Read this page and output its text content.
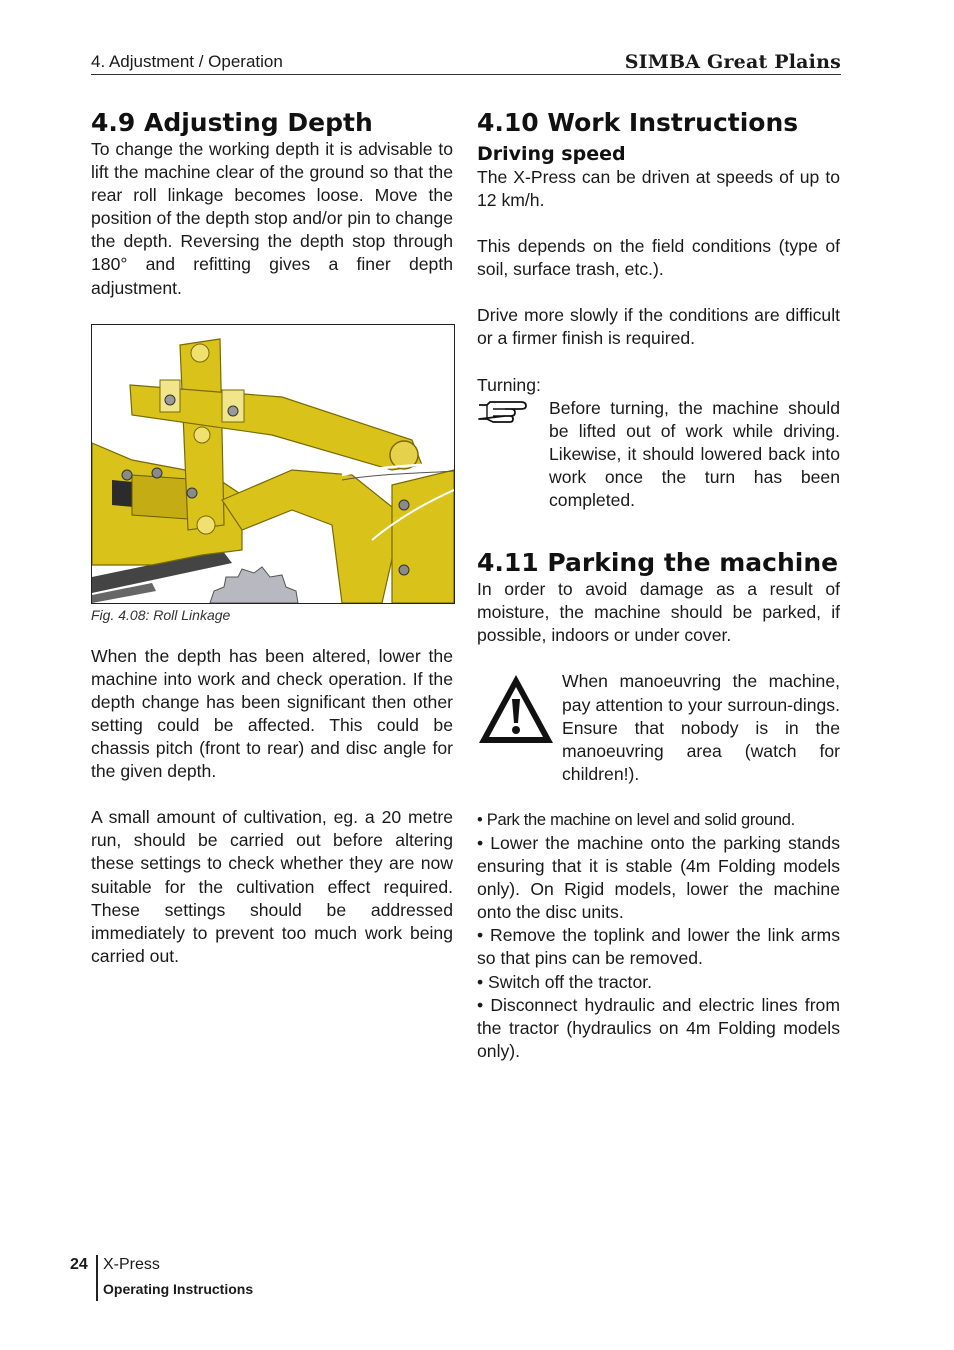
4. Adjustment / Operation	SIMBA Great Plains
4.9 Adjusting Depth

To change the working depth it is advisable to lift the machine clear of the ground so that the rear roll linkage becomes loose. Move the position of the depth stop and/or pin to change the depth. Reversing the depth stop through 180° and refitting gives a finer depth adjustment.

Fig. 4.08: Roll Linkage

When the depth has been altered, lower the machine into work and check operation. If the depth change has been significant then other setting could be affected. This could be chassis pitch (front to rear) and disc angle for the given depth.

A small amount of cultivation, eg. a 20 metre run, should be carried out before altering these settings to check whether they are now suitable for the cultivation effect required. These settings should be addressed immediately to prevent too much work being carried out.

4.10 Work Instructions
Driving speed

The X-Press can be driven at speeds of up to 12 km/h.

This depends on the field conditions (type of soil, surface trash, etc.).

Drive more slowly if the conditions are difficult or a firmer finish is required.

Turning:

Before turning, the machine should be lifted out of work while driving. Likewise, it should lowered back into work once the turn has been completed.

4.11 Parking the machine

In order to avoid damage as a result of moisture, the machine should be parked, if possible, indoors or under cover.

When manoeuvring the machine, pay attention to your surroun-dings. Ensure that nobody is in the manoeuvring area (watch for children!).

• Park the machine on level and solid ground.

• Lower the machine onto the parking stands ensuring that it is stable (4m Folding models only). On Rigid models, lower the machine onto the disc units.

• Remove the toplink and lower the link arms so that pins can be removed.

• Switch off the tractor.

• Disconnect hydraulic and electric lines from the tractor (hydraulics on 4m Folding models only).

24 X-Press
Operating Instructions
